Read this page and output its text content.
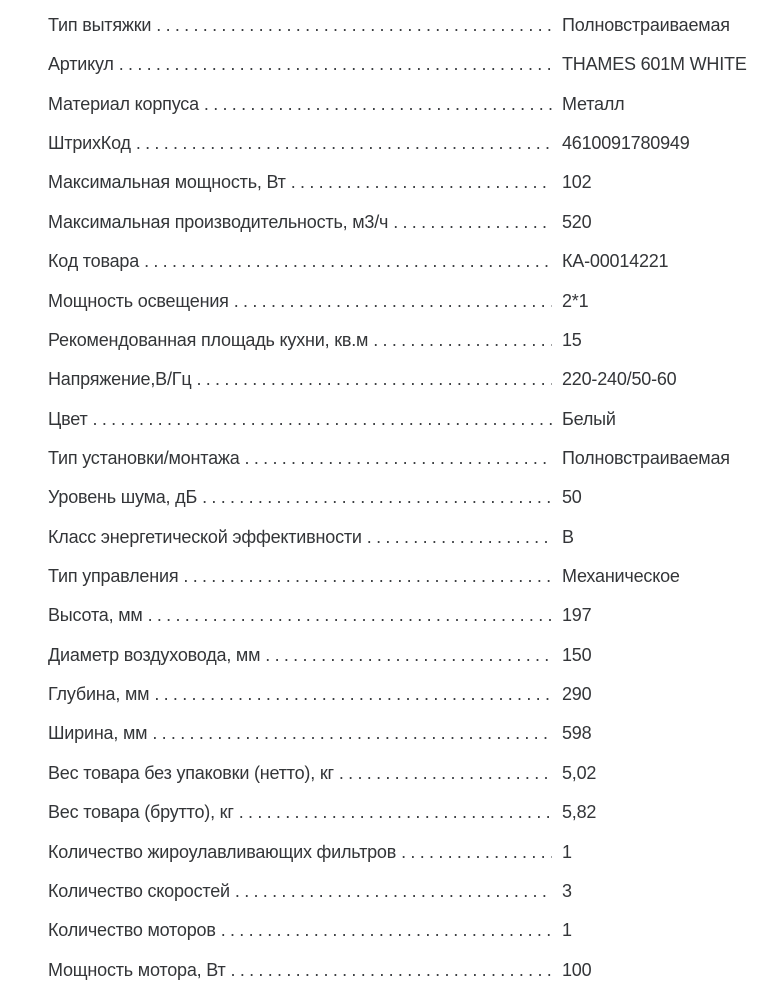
Тип вытяжки .....	Полновстраиваемая
Артикул .....	THAMES 601M WHITE
Материал корпуса .....	Металл
ШтрихКод .....	4610091780949
Максимальная мощность, Вт .....	102
Максимальная производительность, м3/ч .....	520
Код товара .....	КА-00014221
Мощность освещения .....	2*1
Рекомендованная площадь кухни, кв.м .....	15
Напряжение,В/Гц .....	220-240/50-60
Цвет .....	Белый
Тип установки/монтажа .....	Полновстраиваемая
Уровень шума, дБ .....	50
Класс энергетической эффективности .....	В
Тип управления .....	Механическое
Высота, мм .....	197
Диаметр воздуховода, мм .....	150
Глубина, мм .....	290
Ширина, мм .....	598
Вес товара без упаковки (нетто), кг .....	5,02
Вес товара (брутто), кг .....	5,82
Количество жироулавливающих фильтров .....	1
Количество скоростей .....	3
Количество моторов .....	1
Мощность мотора, Вт .....	100
